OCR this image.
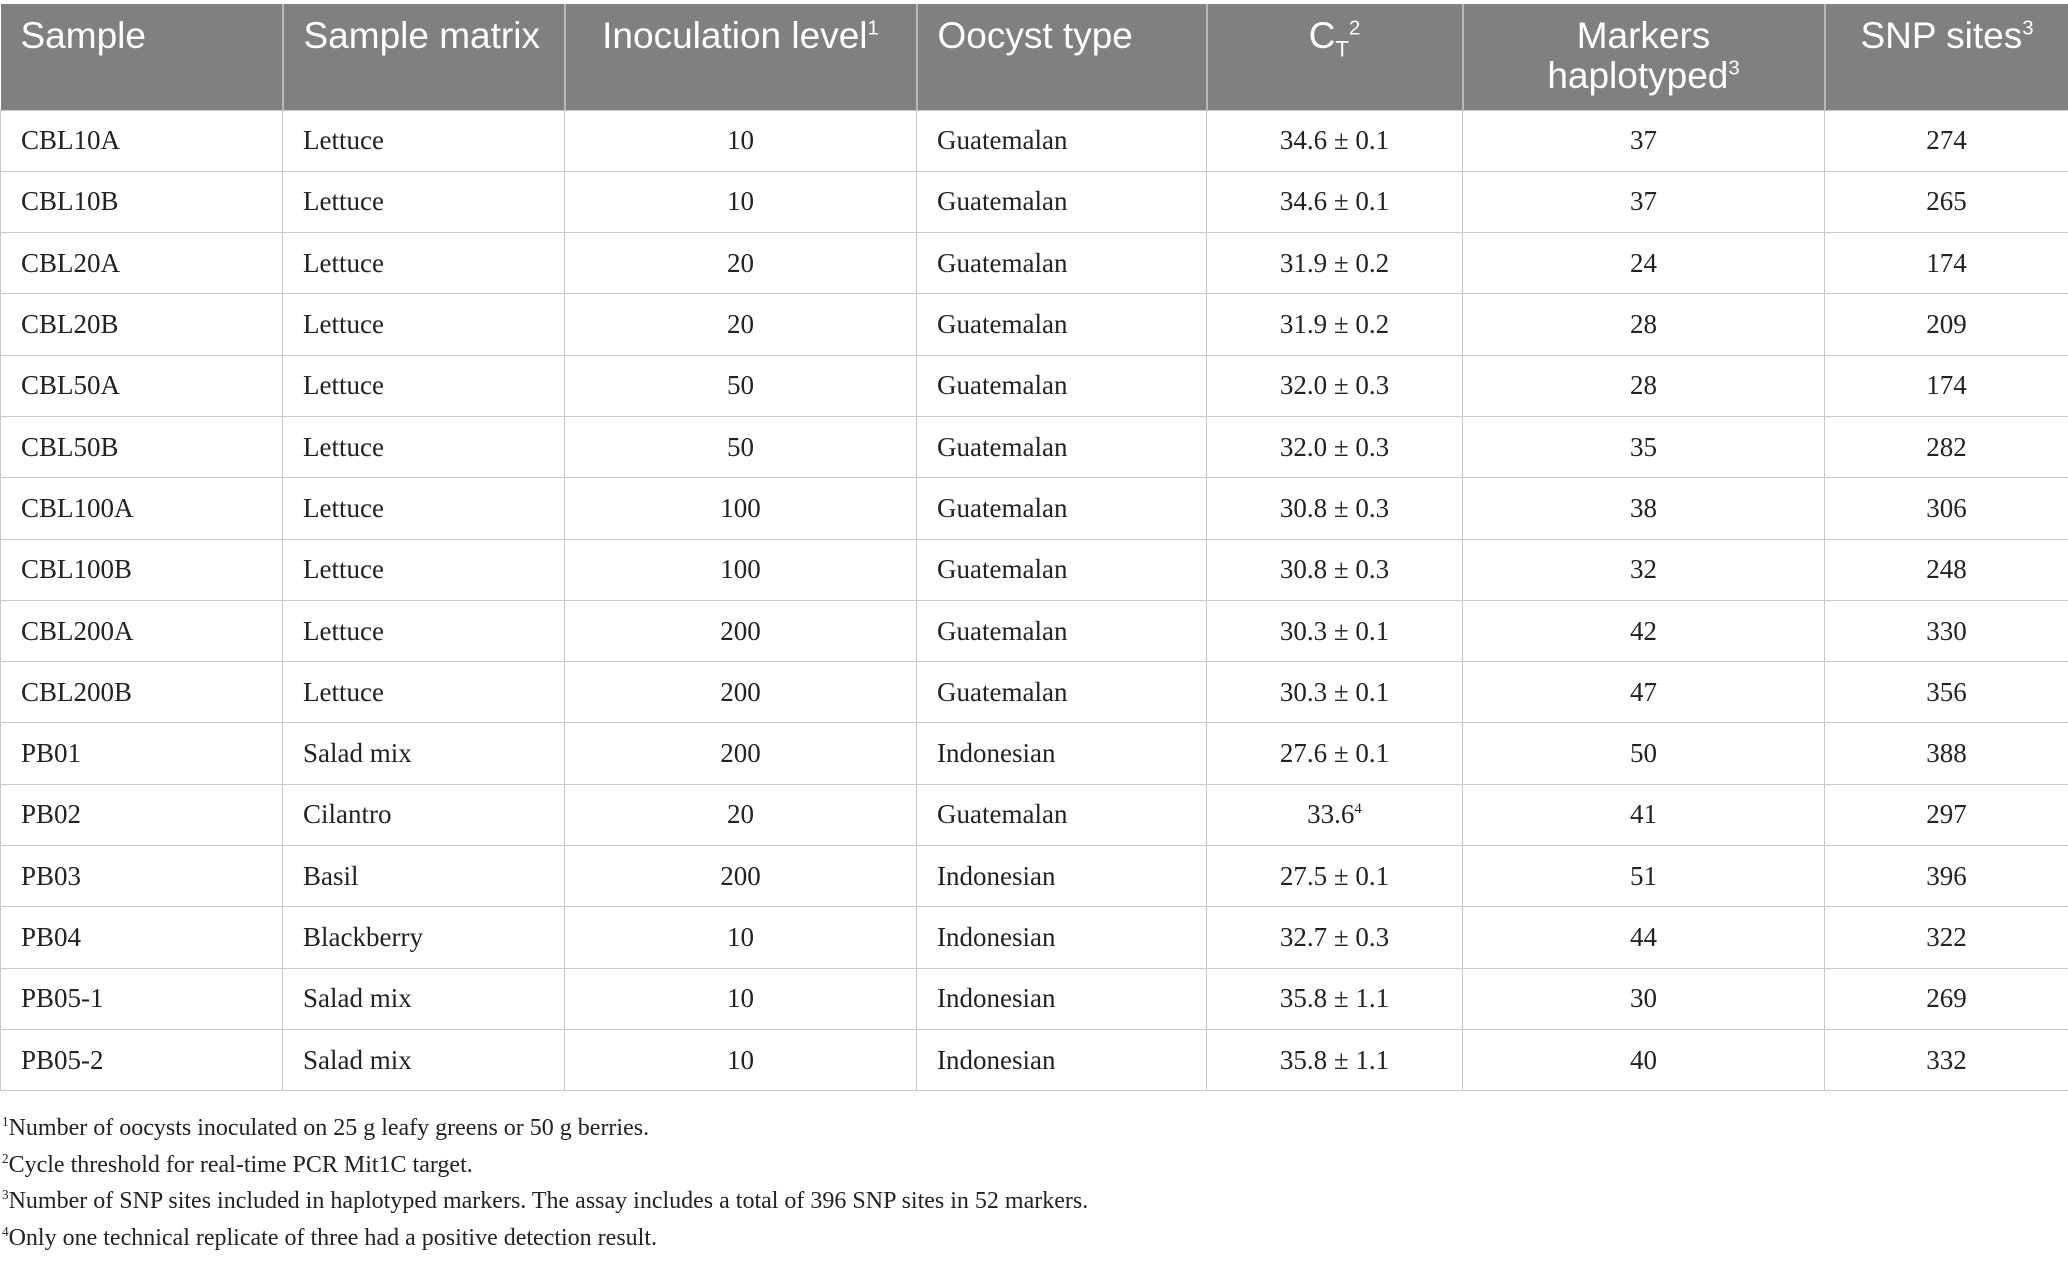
Sample	Sample matrix	Inoculation level$^1$	Oocyst type	$C_T^2$	Markers haplotyped$^3$	SNP sites$^3$
CBL10A	Lettuce	10	Guatemalan	34.6 ± 0.1	37	274
CBL10B	Lettuce	10	Guatemalan	34.6 ± 0.1	37	265
CBL20A	Lettuce	20	Guatemalan	31.9 ± 0.2	24	174
CBL20B	Lettuce	20	Guatemalan	31.9 ± 0.2	28	209
CBL50A	Lettuce	50	Guatemalan	32.0 ± 0.3	28	174
CBL50B	Lettuce	50	Guatemalan	32.0 ± 0.3	35	282
CBL100A	Lettuce	100	Guatemalan	30.8 ± 0.3	38	306
CBL100B	Lettuce	100	Guatemalan	30.8 ± 0.3	32	248
CBL200A	Lettuce	200	Guatemalan	30.3 ± 0.1	42	330
CBL200B	Lettuce	200	Guatemalan	30.3 ± 0.1	47	356
PB01	Salad mix	200	Indonesian	27.6 ± 0.1	50	388
PB02	Cilantro	20	Guatemalan	33.6$^4$	41	297
PB03	Basil	200	Indonesian	27.5 ± 0.1	51	396
PB04	Blackberry	10	Indonesian	32.7 ± 0.3	44	322
PB05-1	Salad mix	10	Indonesian	35.8 ± 1.1	30	269
PB05-2	Salad mix	10	Indonesian	35.8 ± 1.1	40	332
$^1$Number of oocysts inoculated on 25 g leafy greens or 50 g berries.
$^2$Cycle threshold for real-time PCR Mit1C target.
$^3$Number of SNP sites included in haplotyped markers. The assay includes a total of 396 SNP sites in 52 markers.
$^4$Only one technical replicate of three had a positive detection result.
